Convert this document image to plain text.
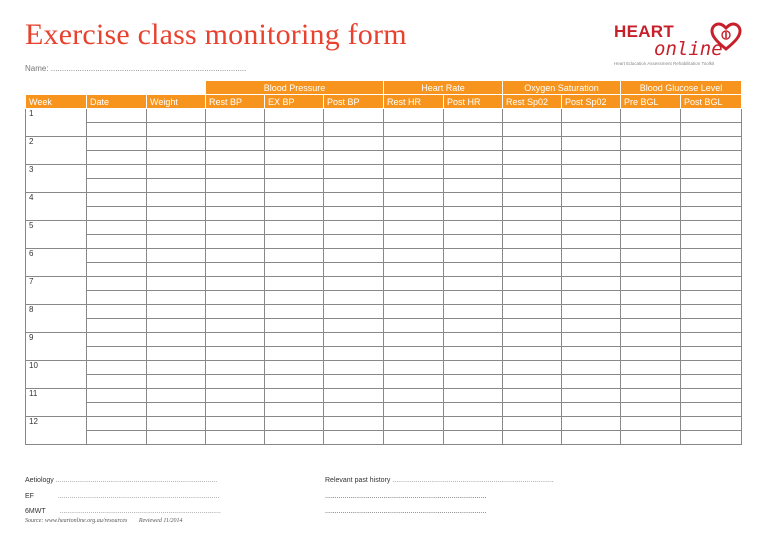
Exercise class monitoring form
Name: ........................................................................................
HEART
online
Heart Education Assessment Rehabilitation Toolkit
			Blood Pressure			Heart Rate		Oxygen Saturation		Blood Glucose Level	
Week	Date	Weight	Rest BP	EX BP	Post BP	Rest HR	Post HR	Rest Sp02	Post Sp02	Pre BGL	Post BGL
1											

2											

3											

4											

5											

6											

7											

8											

9											

10											

11											

12											

Aetiology ...................................................................................
EF	...................................................................................
6MWT ...................................................................................
Relevant past history ...................................................................................
...................................................................................
...................................................................................
Source: www.heartonline.org.au/resources Reviewed 11/2014
